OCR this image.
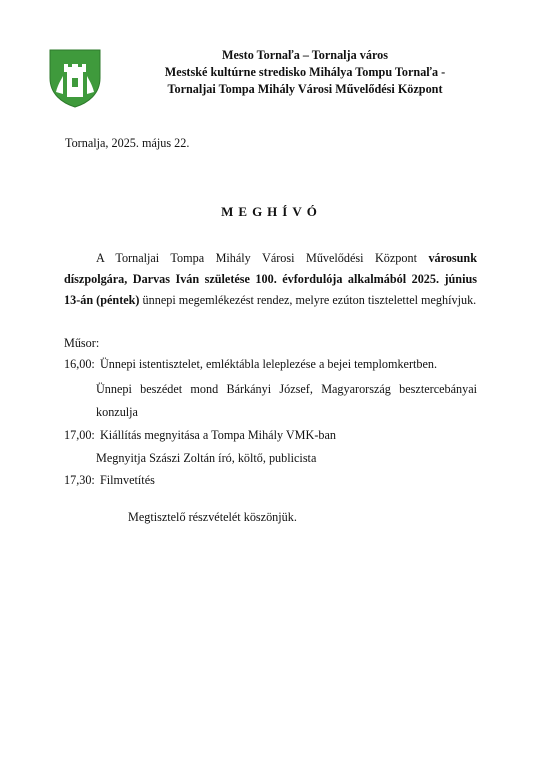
Mesto Tornaľa – Tornalja város
Mestské kultúrne stredisko Mihálya Tompu Tornaľa -
Tornaljai Tompa Mihály Városi Művelődési Központ
Tornalja, 2025. május 22.
MEGHÍVÓ
A Tornaljai Tompa Mihály Városi Művelődési Központ városunk díszpolgára, Darvas Iván születése 100. évfordulója alkalmából 2025. június 13-án (péntek) ünnepi megemlékezést rendez, melyre ezúton tisztelettel meghívjuk.
Műsor:
16,00: Ünnepi istentisztelet, emléktábla leleplezése a bejei templomkertben.
Ünnepi beszédet mond Bárkányi József, Magyarország besztercebányai
konzulja
17,00: Kiállítás megnyitása a Tompa Mihály VMK-ban
Megnyitja Szászi Zoltán író, költő, publicista
17,30: Filmvetítés
Megtisztelő részvételét köszönjük.
